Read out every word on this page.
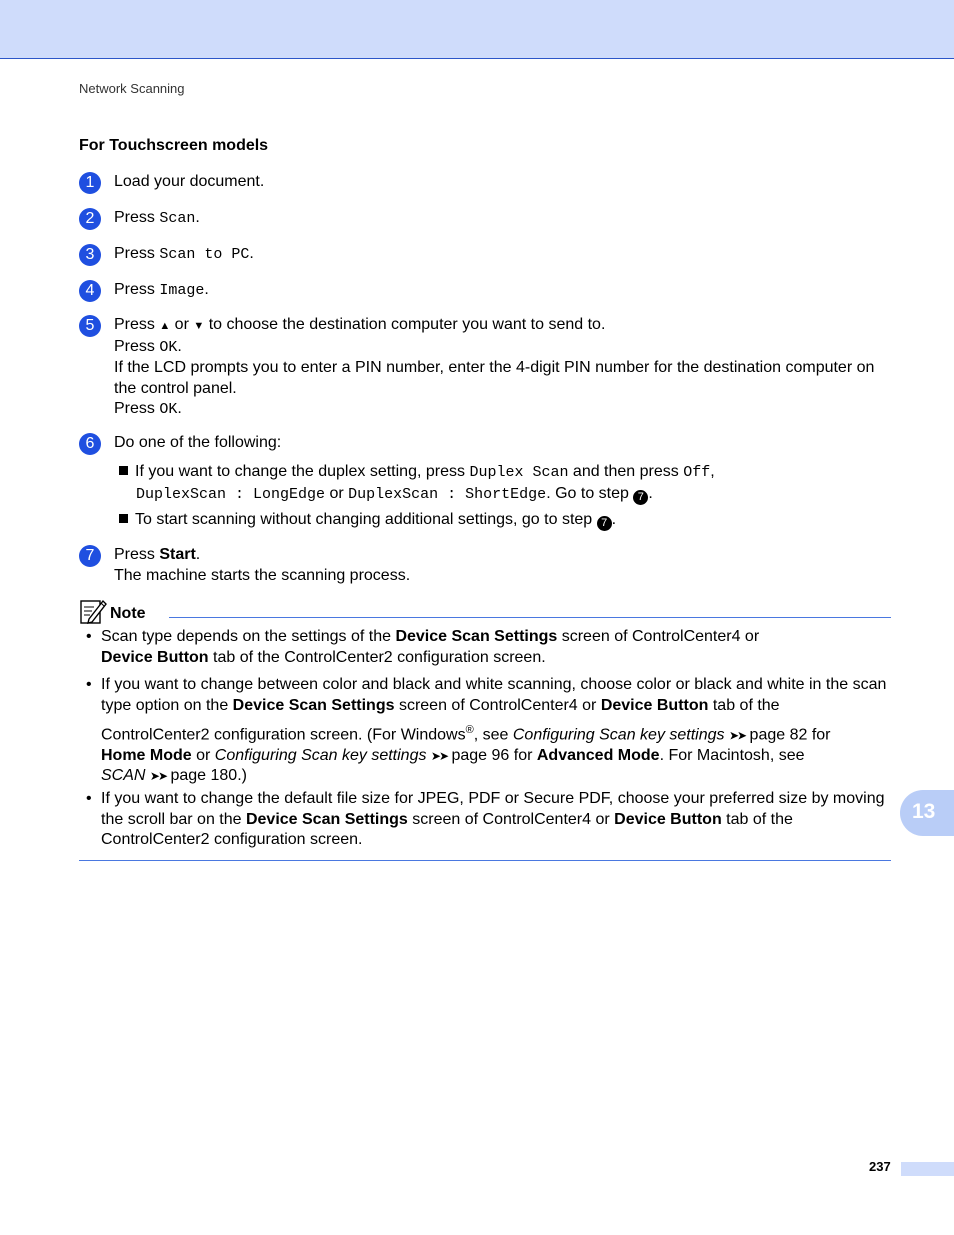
Network Scanning
For Touchscreen models
1	Load your document.
2	Press Scan.
3	Press Scan to PC.
4	Press Image.
5	Press ▲ or ▼ to choose the destination computer you want to send to.
Press OK.
If the LCD prompts you to enter a PIN number, enter the 4-digit PIN number for the destination computer on the control panel.
Press OK.
6	Do one of the following:
If you want to change the duplex setting, press Duplex Scan and then press Off,
DuplexScan : LongEdge or DuplexScan : ShortEdge. Go to step 7 .
To start scanning without changing additional settings, go to step 7 .
7	Press Start.
The machine starts the scanning process.
Note
• Scan type depends on the settings of the Device Scan Settings screen of ControlCenter4 or
Device Button tab of the ControlCenter2 configuration screen.
• If you want to change between color and black and white scanning, choose color or black and white in the scan type option on the Device Scan Settings screen of ControlCenter4 or Device Button tab of the
ControlCenter2 configuration screen. (For Windows®, see Configuring Scan key settings ➤➤ page 82 for
Home Mode or Configuring Scan key settings ➤➤ page 96 for Advanced Mode. For Macintosh, see
SCAN ➤➤ page 180.)
• If you want to change the default file size for JPEG, PDF or Secure PDF, choose your preferred size by moving the scroll bar on the Device Scan Settings screen of ControlCenter4 or Device Button tab of the ControlCenter2 configuration screen.
13
237
